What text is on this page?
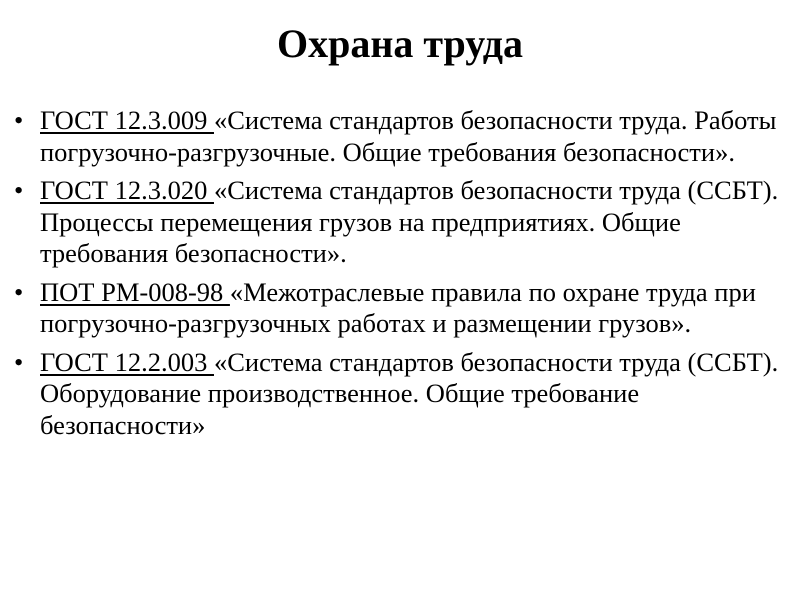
Охрана труда
• ГОСТ 12.3.009 «Система стандартов безопасности труда. Работы погрузочно-разгрузочные. Общие требования безопасности».
• ГОСТ 12.3.020 «Система стандартов безопасности труда (ССБТ). Процессы перемещения грузов на предприятиях. Общие требования безопасности».
• ПОТ РМ-008-98 «Межотраслевые правила по охране труда при погрузочно-разгрузочных работах и размещении грузов».
• ГОСТ 12.2.003 «Система стандартов безопасности труда (ССБТ). Оборудование производственное. Общие требование безопасности»
